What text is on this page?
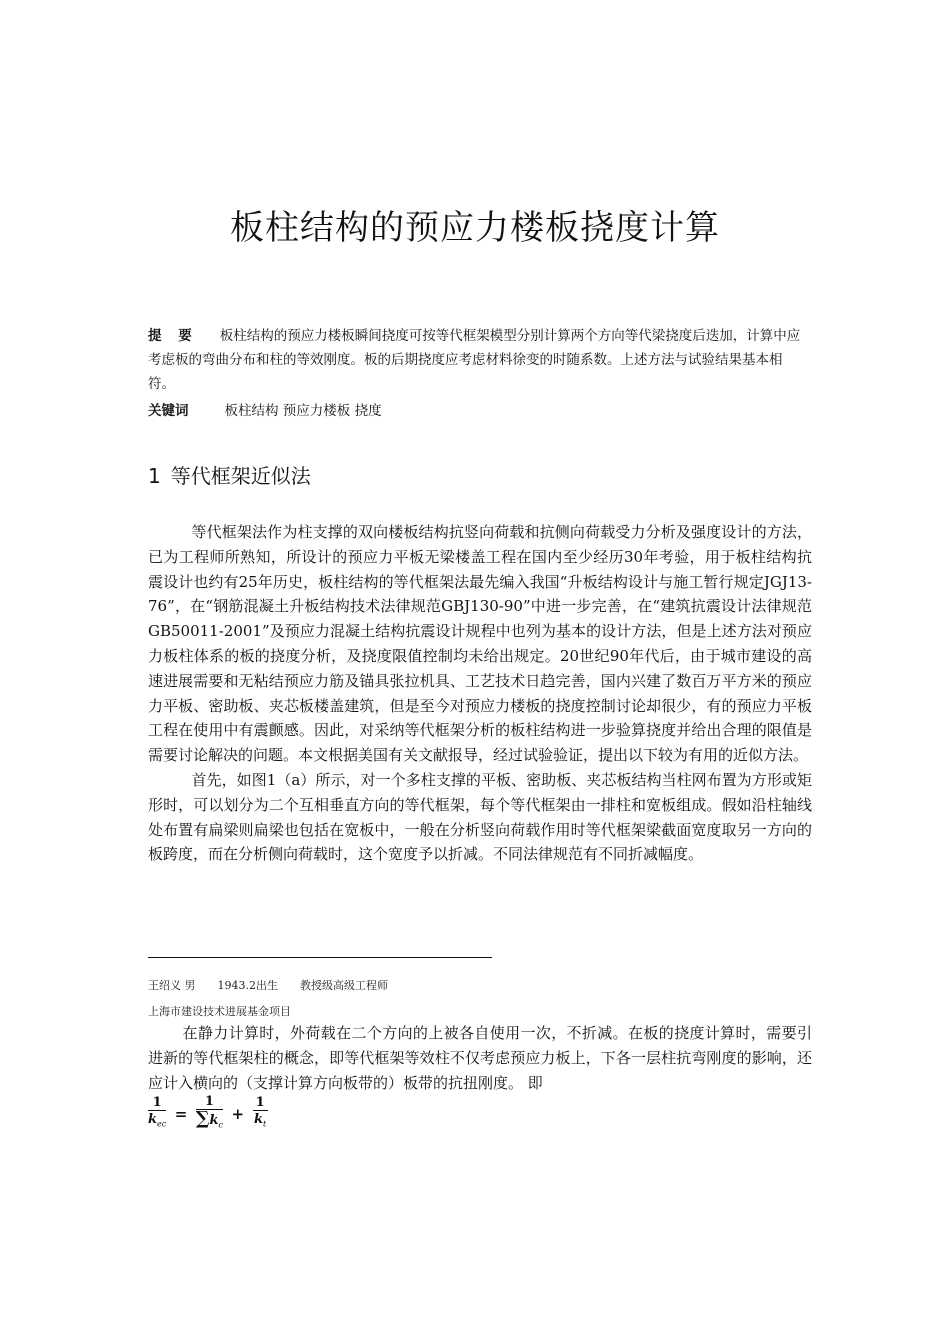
板柱结构的预应力楼板挠度计算
提 要 板柱结构的预应力楼板瞬间挠度可按等代框架模型分别计算两个方向等代梁挠度后迭加，计算中应考虑板的弯曲分布和柱的等效刚度。板的后期挠度应考虑材料徐变的时随系数。上述方法与试验结果基本相符。
关键词	板柱结构 预应力楼板 挠度
1 等代框架近似法

等代框架法作为柱支撑的双向楼板结构抗竖向荷载和抗侧向荷载受力分析及强度设计的方法，已为工程师所熟知，所设计的预应力平板无梁楼盖工程在国内至少经历30年考验，用于板柱结构抗震设计也约有25年历史，板柱结构的等代框架法最先编入我国“升板结构设计与施工暂行规定JGJ13-76”，在“钢筋混凝土升板结构技术法律规范GBJ130-90”中进一步完善，在“建筑抗震设计法律规范GB50011-2001”及预应力混凝土结构抗震设计规程中也列为基本的设计方法，但是上述方法对预应力板柱体系的板的挠度分析，及挠度限值控制均未给出规定。20世纪90年代后，由于城市建设的高速进展需要和无粘结预应力筋及锚具张拉机具、工艺技术日趋完善，国内兴建了数百万平方米的预应力平板、密助板、夹芯板楼盖建筑，但是至今对预应力楼板的挠度控制讨论却很少，有的预应力平板工程在使用中有震颤感。因此，对采纳等代框架分析的板柱结构进一步验算挠度并给出合理的限值是需要讨论解决的问题。本文根据美国有关文献报导，经过试验验证，提出以下较为有用的近似方法。

首先，如图1（a）所示，对一个多柱支撑的平板、密助板、夹芯板结构当柱网布置为方形或矩形时，可以划分为二个互相垂直方向的等代框架，每个等代框架由一排柱和宽板组成。假如沿柱轴线处布置有扁梁则扁梁也包括在宽板中，一般在分析竖向荷载作用时等代框架梁截面宽度取另一方向的板跨度，而在分析侧向荷载时，这个宽度予以折减。不同法律规范有不同折减幅度。

王绍义 男 1943.2出生 教授级高级工程师
上海市建设技术进展基金项目

在静力计算时，外荷载在二个方向的上被各自使用一次，不折减。在板的挠度计算时，需要引进新的等代框架柱的概念，即等代框架等效柱不仅考虑预应力板上，下各一层柱抗弯刚度的影响，还应计入横向的（支撑计算方向板带的）板带的抗扭刚度。 即

$\frac{1}{k_{ec}} = \frac{1}{\sum k_c} + \frac{1}{k_t}$
